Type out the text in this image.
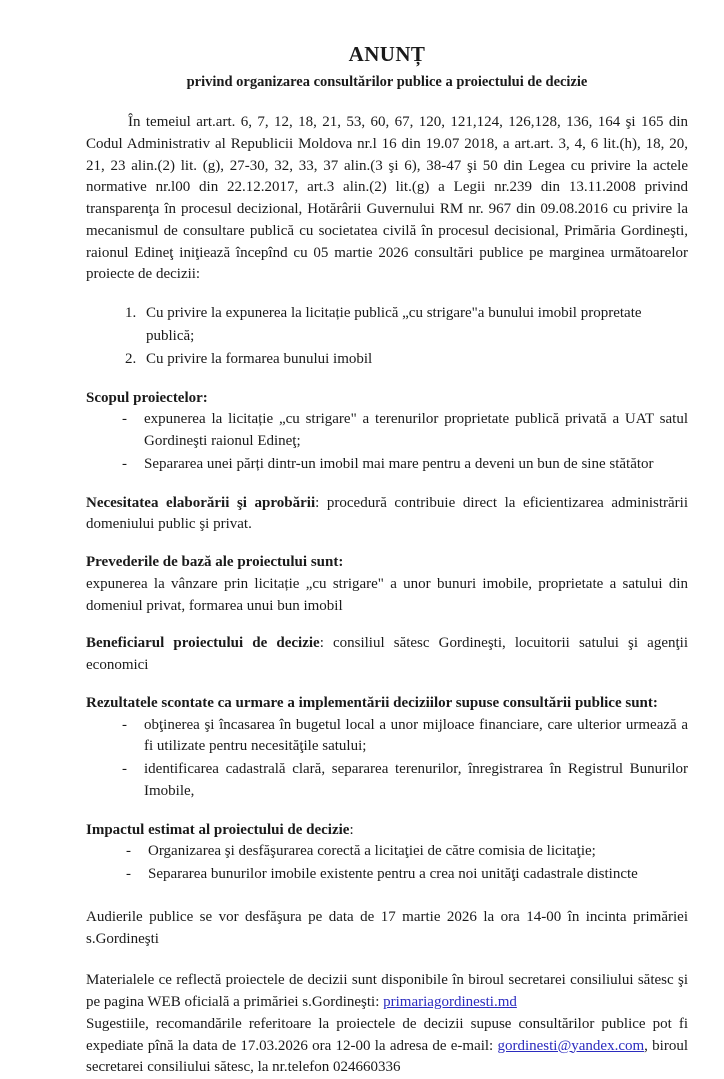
ANUNȚ
privind organizarea consultărilor publice a proiectului de decizie

În temeiul art.art. 6, 7, 12, 18, 21, 53, 60, 67, 120, 121,124, 126,128, 136, 164 şi 165 din Codul Administrativ al Republicii Moldova nr.l 16 din 19.07 2018, a art.art. 3, 4, 6 lit.(h), 18, 20, 21, 23 alin.(2) lit. (g), 27-30, 32, 33, 37 alin.(3 şi 6), 38-47 şi 50 din Legea cu privire la actele normative nr.l00 din 22.12.2017, art.3 alin.(2) lit.(g) a Legii nr.239 din 13.11.2008 privind transparenţa în procesul decizional, Hotărârii Guvernului RM nr. 967 din 09.08.2016 cu privire la mecanismul de consultare publică cu societatea civilă în procesul decisional, Primăria Gordineşti, raionul Edineţ iniţiează începînd cu 05 martie 2026 consultări publice pe marginea următoarelor proiecte de decizii:

1. Cu privire la expunerea la licitație publică „cu strigare"a bunului imobil propretate publică;
2. Cu privire la formarea bunului imobil

Scopul proiectelor:

- expunerea la licitație „cu strigare" a terenurilor proprietate publică privată a UAT satul Gordineşti raionul Edineţ;
- Separarea unei părți dintr-un imobil mai mare pentru a deveni un bun de sine stătător

Necesitatea elaborării şi aprobării: procedură contribuie direct la eficientizarea administrării domeniului public şi privat.

Prevederile de bază ale proiectului sunt:

expunerea la vânzare prin licitație „cu strigare" a unor bunuri imobile, proprietate a satului din domeniul privat, formarea unui bun imobil

Beneficiarul proiectului de decizie: consiliul sătesc Gordineşti, locuitorii satului şi agenţii economici

Rezultatele scontate ca urmare a implementării deciziilor supuse consultării publice sunt:

- obţinerea şi încasarea în bugetul local a unor mijloace financiare, care ulterior urmează a fi utilizate pentru necesităţile satului;
- identificarea cadastrală clară, separarea terenurilor, înregistrarea în Registrul Bunurilor Imobile,

Impactul estimat al proiectului de decizie:

- Organizarea şi desfăşurarea corectă a licitaţiei de către comisia de licitaţie;
- Separarea bunurilor imobile existente pentru a crea noi unităţi cadastrale distincte

Audierile publice se vor desfăşura pe data de 17 martie 2026 la ora 14-00 în incinta primăriei s.Gordineşti

Materialele ce reflectă proiectele de decizii sunt disponibile în biroul secretarei consiliului sătesc şi pe pagina WEB oficială a primăriei s.Gordineşti: primariagordinesti.md

Sugestiile, recomandările referitoare la proiectele de decizii supuse consultărilor publice pot fi expediate pînă la data de 17.03.2026 ora 12-00 la adresa de e-mail: gordinesti@yandex.com, biroul secretarei consiliului sătesc, la nr.telefon 024660336
